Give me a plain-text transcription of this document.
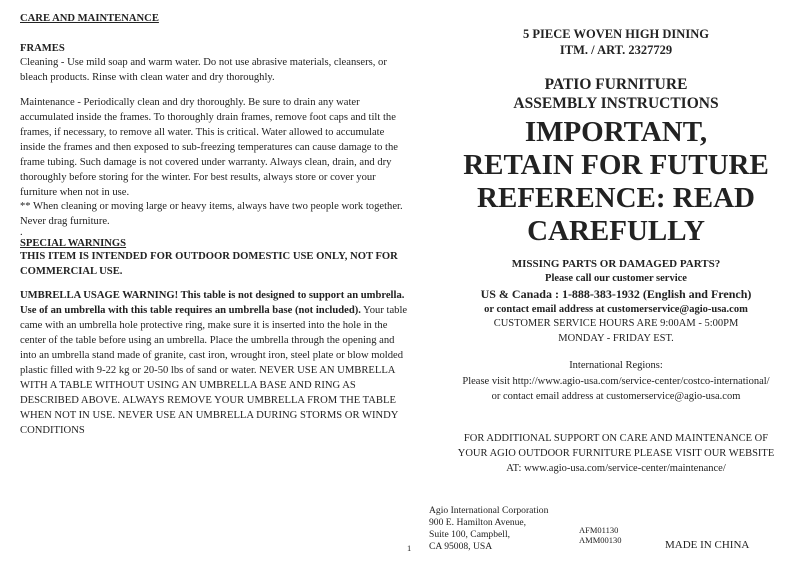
CARE AND MAINTENANCE
FRAMES
Cleaning - Use mild soap and warm water. Do not use abrasive materials, cleansers, or bleach products. Rinse with clean water and dry thoroughly.
Maintenance - Periodically clean and dry thoroughly. Be sure to drain any water accumulated inside the frames. To thoroughly drain frames, remove foot caps and tilt the frames, if necessary, to remove all water. This is critical. Water allowed to accumulate inside the frames and then exposed to sub-freezing temperatures can cause damage to the frame tubing. Such damage is not covered under warranty. Always clean, drain, and dry thoroughly before storing for the winter. For best results, always store or cover your furniture when not in use.
** When cleaning or moving large or heavy items, always have two people work together. Never drag furniture.
.
SPECIAL WARNINGS
THIS ITEM IS INTENDED FOR OUTDOOR DOMESTIC USE ONLY, NOT FOR COMMERCIAL USE.
UMBRELLA USAGE WARNING! This table is not designed to support an umbrella. Use of an umbrella with this table requires an umbrella base (not included). Your table came with an umbrella hole protective ring, make sure it is inserted into the hole in the center of the table before using an umbrella. Place the umbrella through the opening and into an umbrella stand made of granite, cast iron, wrought iron, steel plate or blow molded plastic filled with 9-22 kg or 20-50 lbs of sand or water. NEVER USE AN UMBRELLA WITH A TABLE WITHOUT USING AN UMBRELLA BASE AND RING AS DESCRIBED ABOVE. ALWAYS REMOVE YOUR UMBRELLA FROM THE TABLE WHEN NOT IN USE. NEVER USE AN UMBRELLA DURING STORMS OR WINDY CONDITIONS
5 PIECE WOVEN HIGH DINING
ITM. / ART. 2327729
PATIO FURNITURE
ASSEMBLY INSTRUCTIONS
IMPORTANT,
RETAIN FOR FUTURE
REFERENCE: READ
CAREFULLY
MISSING PARTS OR DAMAGED PARTS?
Please call our customer service
US & Canada : 1-888-383-1932 (English and French)
or contact email address at customerservice@agio-usa.com
CUSTOMER SERVICE HOURS ARE 9:00AM - 5:00PM
MONDAY - FRIDAY EST.
International Regions:
Please visit http://www.agio-usa.com/service-center/costco-international/
or contact email address at customerservice@agio-usa.com
FOR ADDITIONAL SUPPORT ON CARE AND MAINTENANCE OF
YOUR AGIO OUTDOOR FURNITURE PLEASE VISIT OUR WEBSITE
AT: www.agio-usa.com/service-center/maintenance/
1
Agio International Corporation
900 E. Hamilton Avenue,
Suite 100, Campbell,
CA 95008, USA
AFM01130
AMM00130	MADE IN CHINA
